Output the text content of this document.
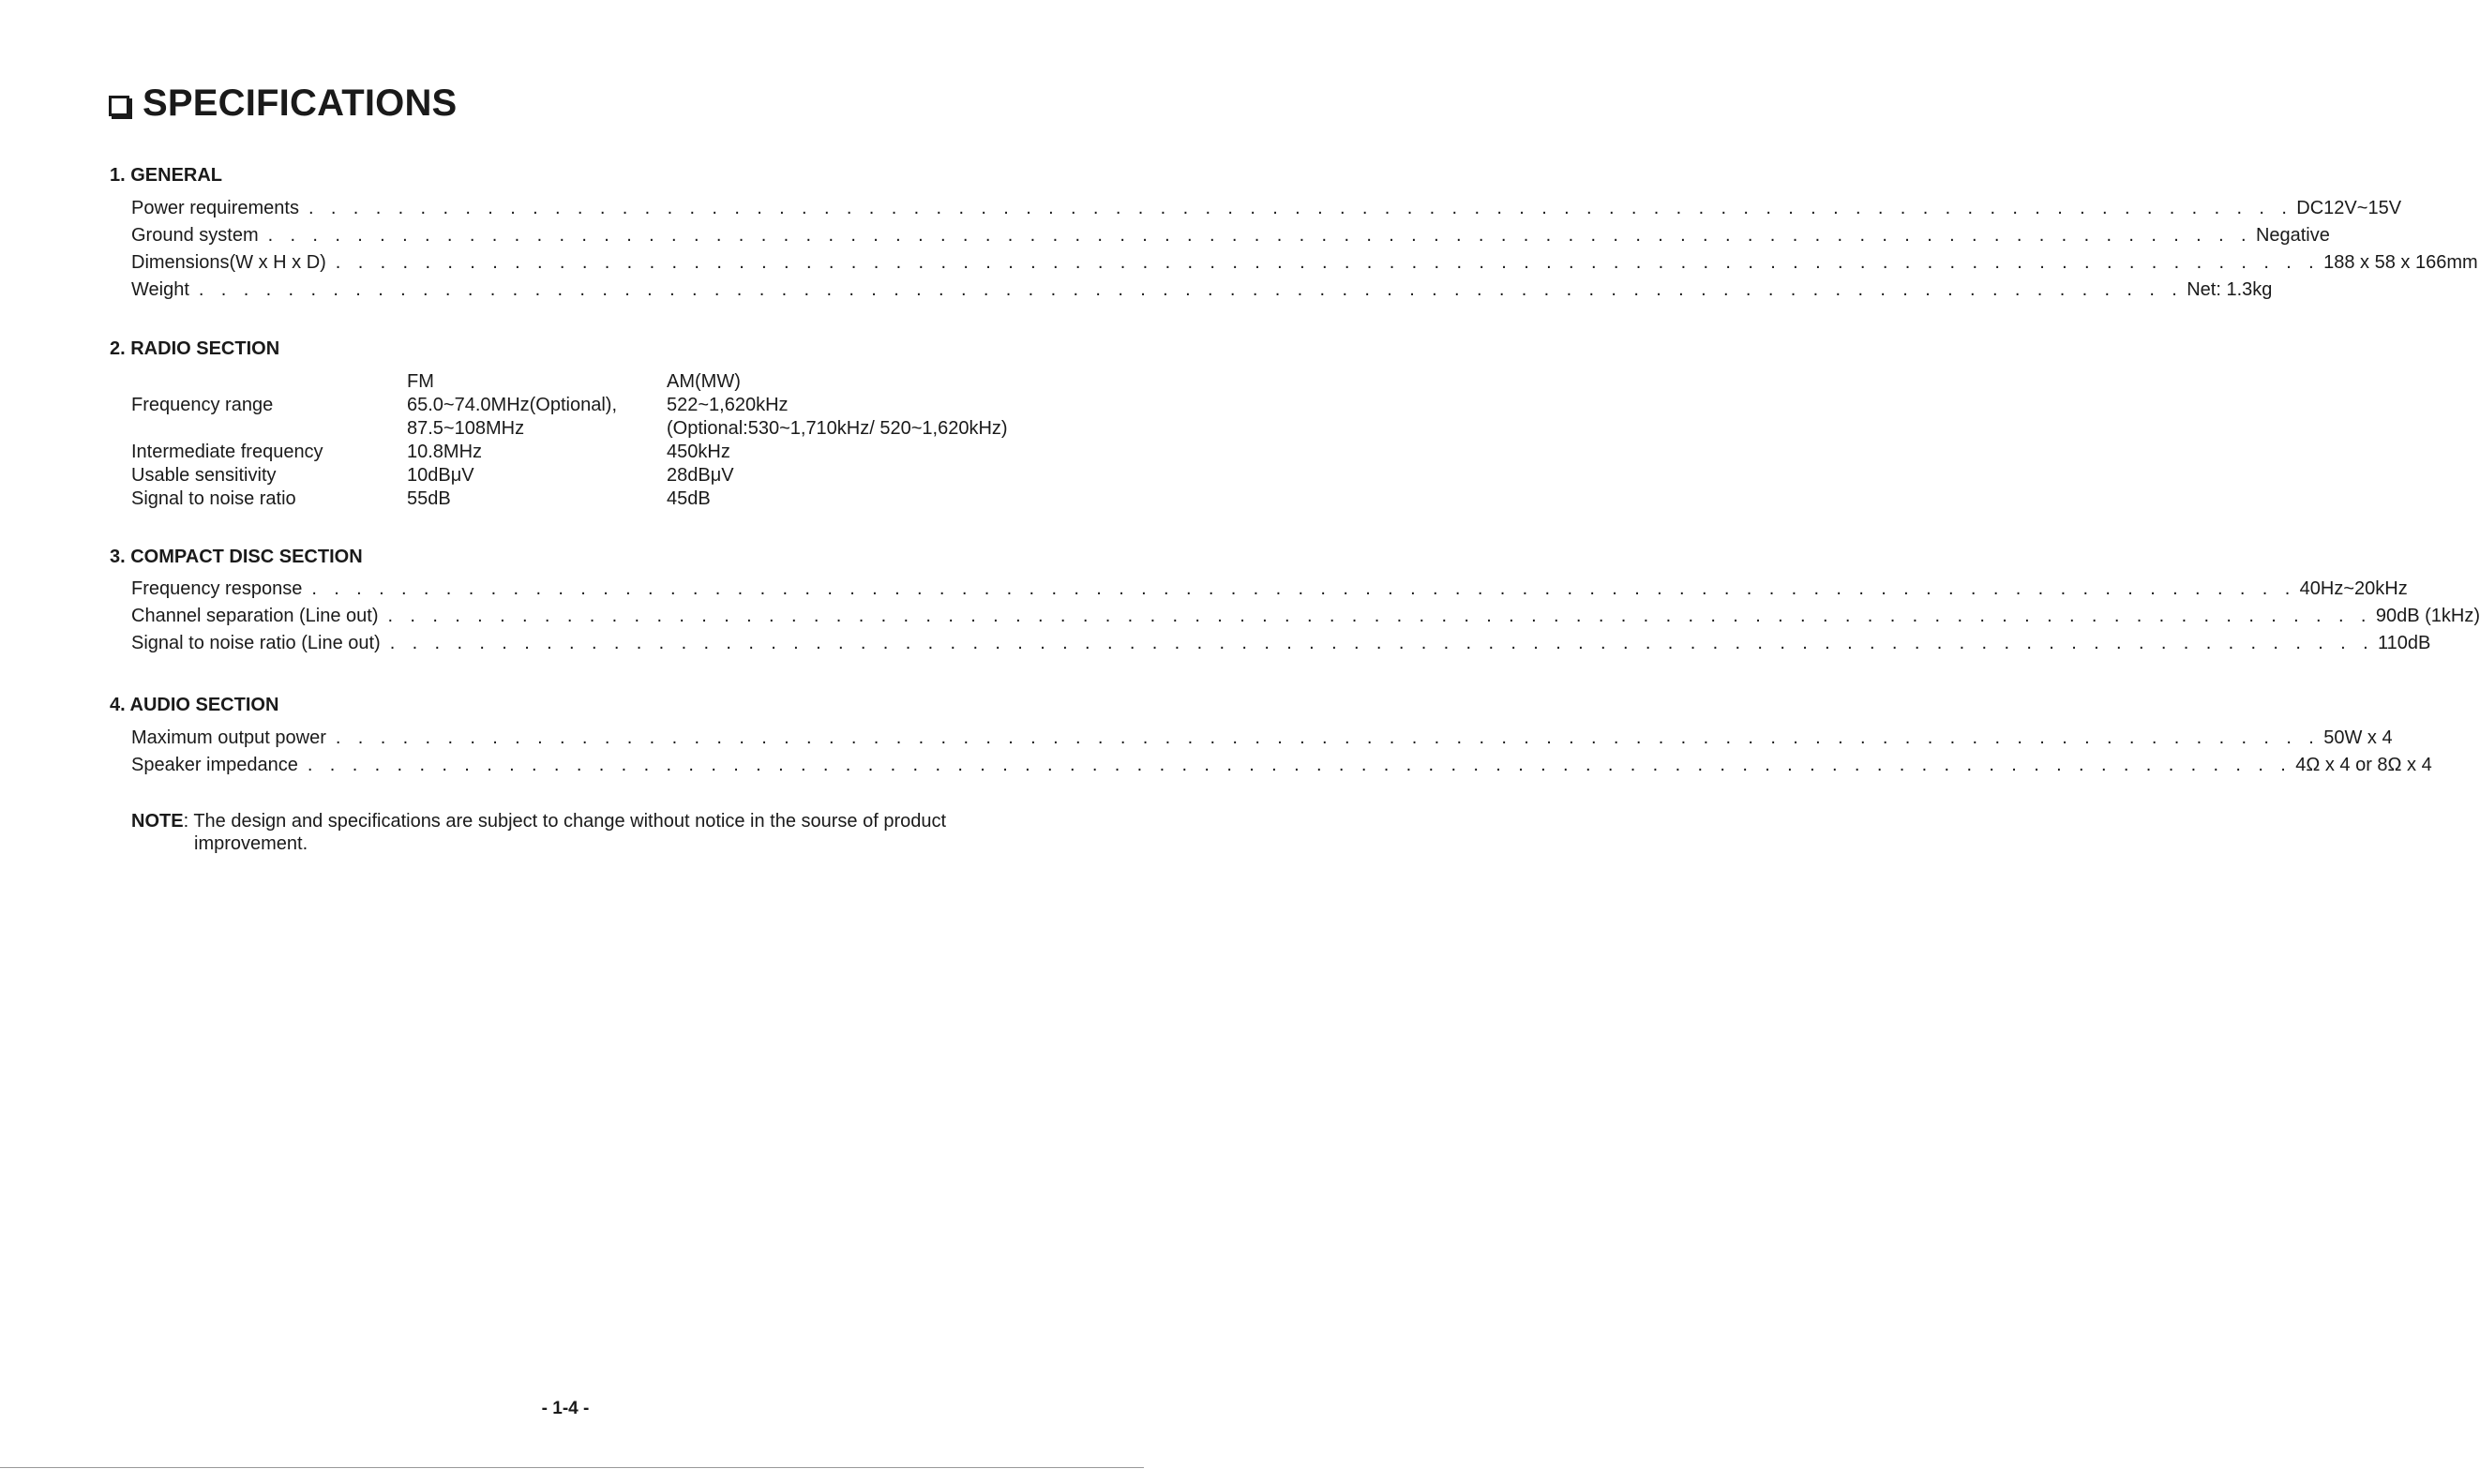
SPECIFICATIONS
1. GENERAL
Power requirements . . . . . . . . . . . . . . . . . . . . . . . . . . . . . . . . . . . . . . . . . . . . . . . . . . . . . . . . . . . . . . . . . . . . . . . . . . . . . . . . . . . . . . . . . DC12V~15V
Ground system . . . . . . . . . . . . . . . . . . . . . . . . . . . . . . . . . . . . . . . . . . . . . . . . . . . . . . . . . . . . . . . . . . . . . . . . . . . . . . . . . . . . . . . . . Negative
Dimensions(W x H x D) . . . . . . . . . . . . . . . . . . . . . . . . . . . . . . . . . . . . . . . . . . . . . . . . . . . . . . . . . . . . . . . . . . . . . . . . . . . . . . . . . . . . . . . . . 188 x 58 x 166mm
Weight . . . . . . . . . . . . . . . . . . . . . . . . . . . . . . . . . . . . . . . . . . . . . . . . . . . . . . . . . . . . . . . . . . . . . . . . . . . . . . . . . . . . . . . . . Net: 1.3kg
2. RADIO SECTION
FM	AM(MW)
Frequency range	65.0~74.0MHz(Optional),	522~1,620kHz
87.5~108MHz	(Optional:530~1,710kHz/ 520~1,620kHz)
Intermediate frequency	10.8MHz	450kHz
Usable sensitivity	10dBμV	28dBμV
Signal to noise ratio	55dB	45dB
3. COMPACT DISC SECTION
Frequency response . . . . . . . . . . . . . . . . . . . . . . . . . . . . . . . . . . . . . . . . . . . . . . . . . . . . . . . . . . . . . . . . . . . . . . . . . . . . . . . . . . . . . . . . . 40Hz~20kHz
Channel separation (Line out) . . . . . . . . . . . . . . . . . . . . . . . . . . . . . . . . . . . . . . . . . . . . . . . . . . . . . . . . . . . . . . . . . . . . . . . . . . . . . . . . . . . . . . . . . 90dB (1kHz)
Signal to noise ratio (Line out) . . . . . . . . . . . . . . . . . . . . . . . . . . . . . . . . . . . . . . . . . . . . . . . . . . . . . . . . . . . . . . . . . . . . . . . . . . . . . . . . . . . . . . . . . 110dB
4. AUDIO SECTION
Maximum output power . . . . . . . . . . . . . . . . . . . . . . . . . . . . . . . . . . . . . . . . . . . . . . . . . . . . . . . . . . . . . . . . . . . . . . . . . . . . . . . . . . . . . . . . . 50W x 4
Speaker impedance . . . . . . . . . . . . . . . . . . . . . . . . . . . . . . . . . . . . . . . . . . . . . . . . . . . . . . . . . . . . . . . . . . . . . . . . . . . . . . . . . . . . . . . . . 4Ω x 4 or 8Ω x 4
NOTE: The design and specifications are subject to change without notice in the sourse of product
improvement.
- 1-4 -
